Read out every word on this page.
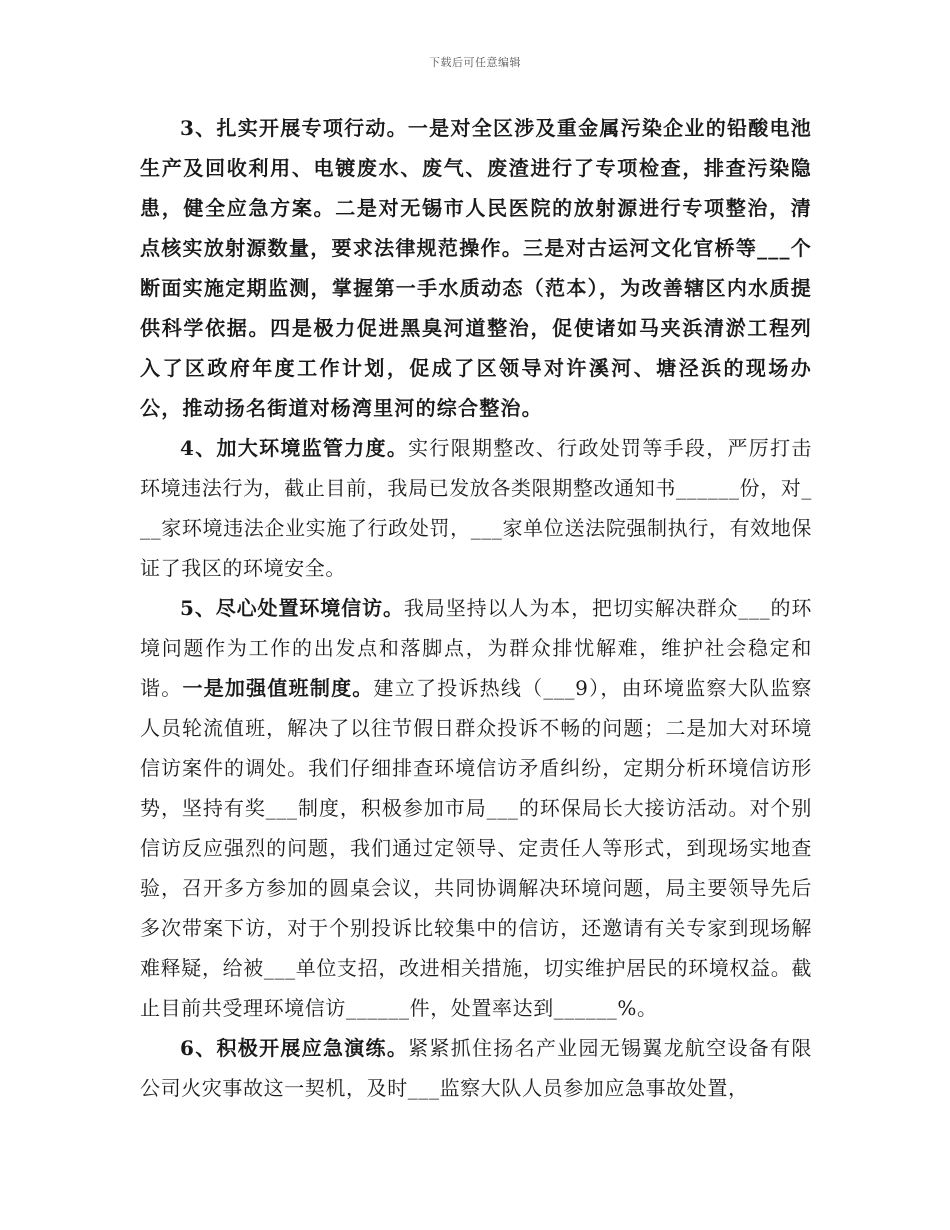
下载后可任意编辑

3、扎实开展专项行动。一是对全区涉及重金属污染企业的铅酸电池生产及回收利用、电镀废水、废气、废渣进行了专项检查，排查污染隐患，健全应急方案。二是对无锡市人民医院的放射源进行专项整治，清点核实放射源数量，要求法律规范操作。三是对古运河文化官桥等___个断面实施定期监测，掌握第一手水质动态（范本），为改善辖区内水质提供科学依据。四是极力促进黑臭河道整治，促使诸如马夹浜清淤工程列入了区政府年度工作计划，促成了区领导对许溪河、塘泾浜的现场办公，推动扬名街道对杨湾里河的综合整治。

4、加大环境监管力度。实行限期整改、行政处罚等手段，严厉打击环境违法行为，截止目前，我局已发放各类限期整改通知书______份，对___家环境违法企业实施了行政处罚，___家单位送法院强制执行，有效地保证了我区的环境安全。

5、尽心处置环境信访。我局坚持以人为本，把切实解决群众___的环境问题作为工作的出发点和落脚点，为群众排忧解难，维护社会稳定和谐。一是加强值班制度。建立了投诉热线（___9），由环境监察大队监察人员轮流值班，解决了以往节假日群众投诉不畅的问题；二是加大对环境信访案件的调处。我们仔细排查环境信访矛盾纠纷，定期分析环境信访形势，坚持有奖___制度，积极参加市局___的环保局长大接访活动。对个别信访反应强烈的问题，我们通过定领导、定责任人等形式，到现场实地查验，召开多方参加的圆桌会议，共同协调解决环境问题，局主要领导先后多次带案下访，对于个别投诉比较集中的信访，还邀请有关专家到现场解难释疑，给被___单位支招，改进相关措施，切实维护居民的环境权益。截止目前共受理环境信访______件，处置率达到______%。

6、积极开展应急演练。紧紧抓住扬名产业园无锡翼龙航空设备有限公司火灾事故这一契机，及时___监察大队人员参加应急事故处置，
